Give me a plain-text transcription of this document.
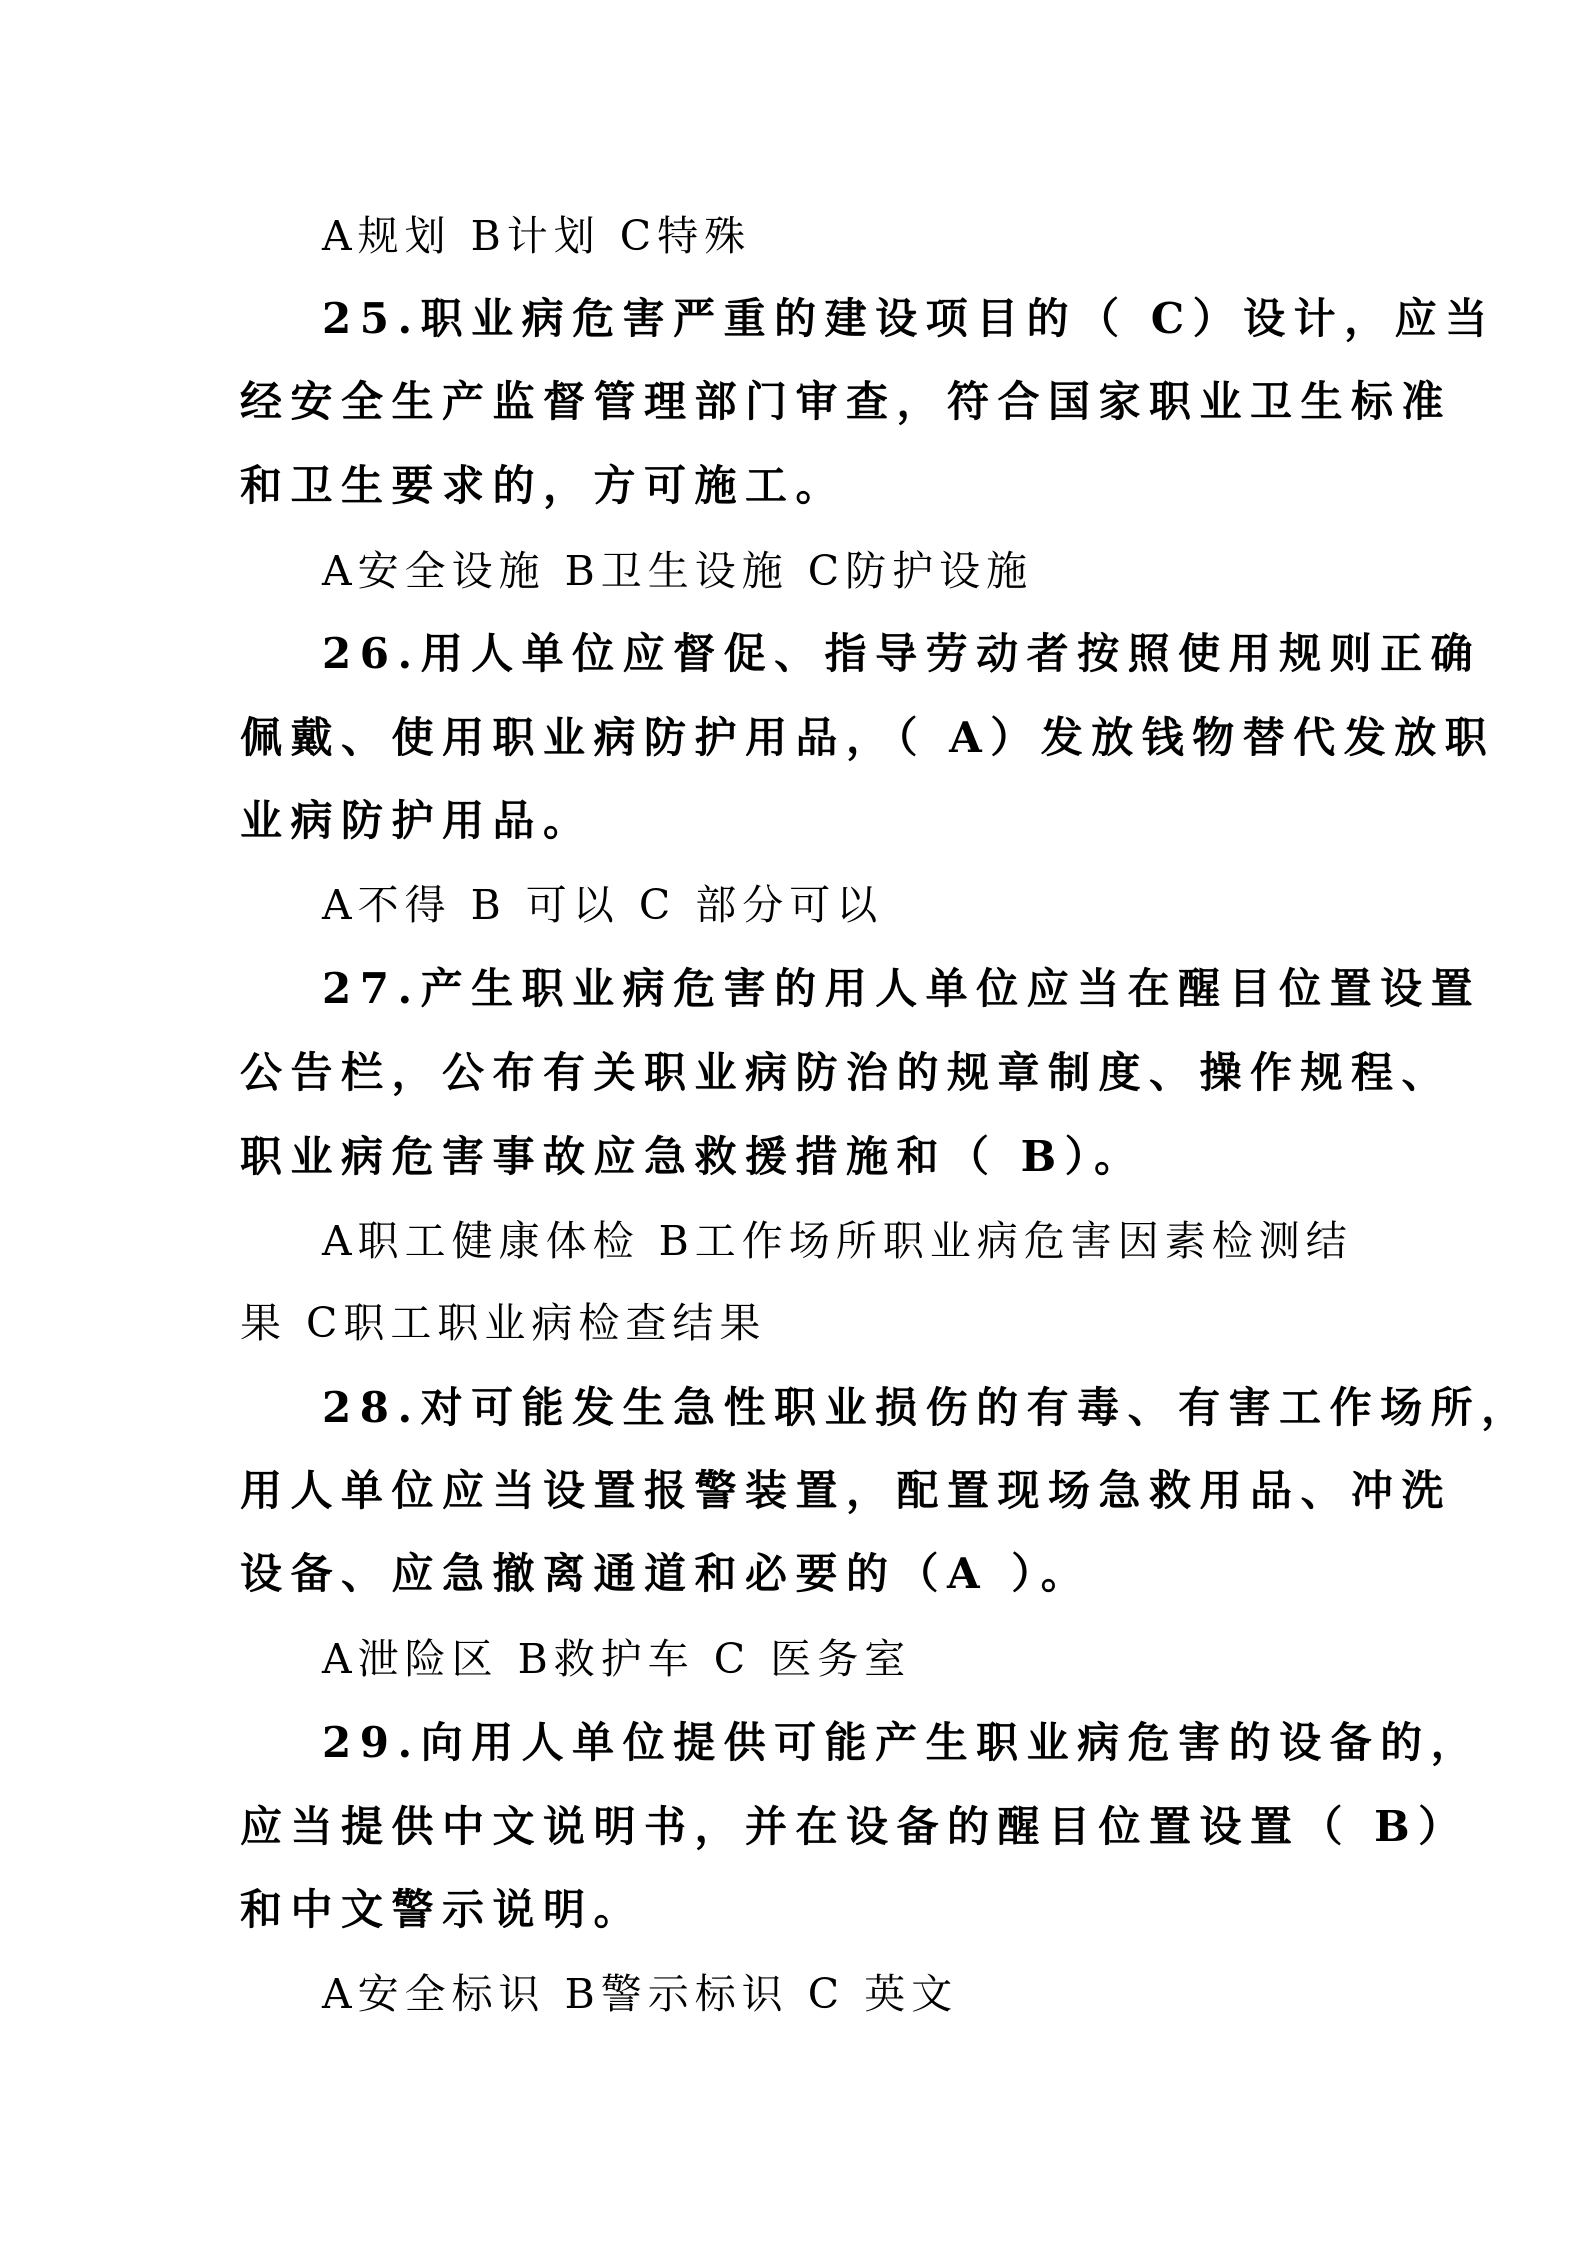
A规划 B计划 C特殊
25.职业病危害严重的建设项目的（ C）设计，应当
经安全生产监督管理部门审查，符合国家职业卫生标准
和卫生要求的，方可施工。
A安全设施 B卫生设施 C防护设施
26.用人单位应督促、指导劳动者按照使用规则正确
佩戴、使用职业病防护用品，（ A）发放钱物替代发放职
业病防护用品。
A不得 B 可以 C 部分可以
27.产生职业病危害的用人单位应当在醒目位置设置
公告栏，公布有关职业病防治的规章制度、操作规程、
职业病危害事故应急救援措施和（ B）。
A职工健康体检 B工作场所职业病危害因素检测结
果 C职工职业病检查结果
28.对可能发生急性职业损伤的有毒、有害工作场所，
用人单位应当设置报警装置，配置现场急救用品、冲洗
设备、应急撤离通道和必要的（A ）。
A泄险区 B救护车 C 医务室
29.向用人单位提供可能产生职业病危害的设备的，
应当提供中文说明书，并在设备的醒目位置设置（ B）
和中文警示说明。
A安全标识 B警示标识 C 英文
